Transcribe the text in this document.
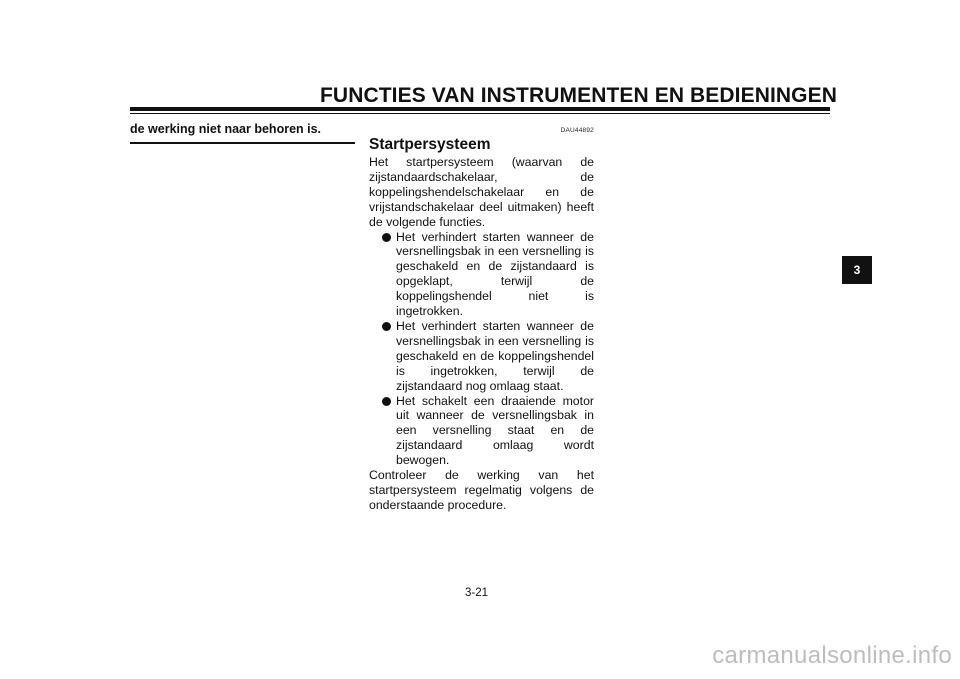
FUNCTIES VAN INSTRUMENTEN EN BEDIENINGEN
de werking niet naar behoren is.	DAU44892
Startpersysteem

Het startpersysteem (waarvan de zijstandaardschakelaar, de koppelingshendelschakelaar en de vrijstandschakelaar deel uitmaken) heeft de volgende functies.

Het verhindert starten wanneer de versnellingsbak in een versnelling is geschakeld en de zijstandaard is opgeklapt, terwijl de koppelingshendel niet is ingetrokken.
Het verhindert starten wanneer de versnellingsbak in een versnelling is geschakeld en de koppelingshendel is ingetrokken, terwijl de zijstandaard nog omlaag staat.
Het schakelt een draaiende motor uit wanneer de versnellingsbak in een versnelling staat en de zijstandaard omlaag wordt bewogen.

Controleer de werking van het startpersysteem regelmatig volgens de onderstaande procedure.

3
3-21
carmanualsonline.info
